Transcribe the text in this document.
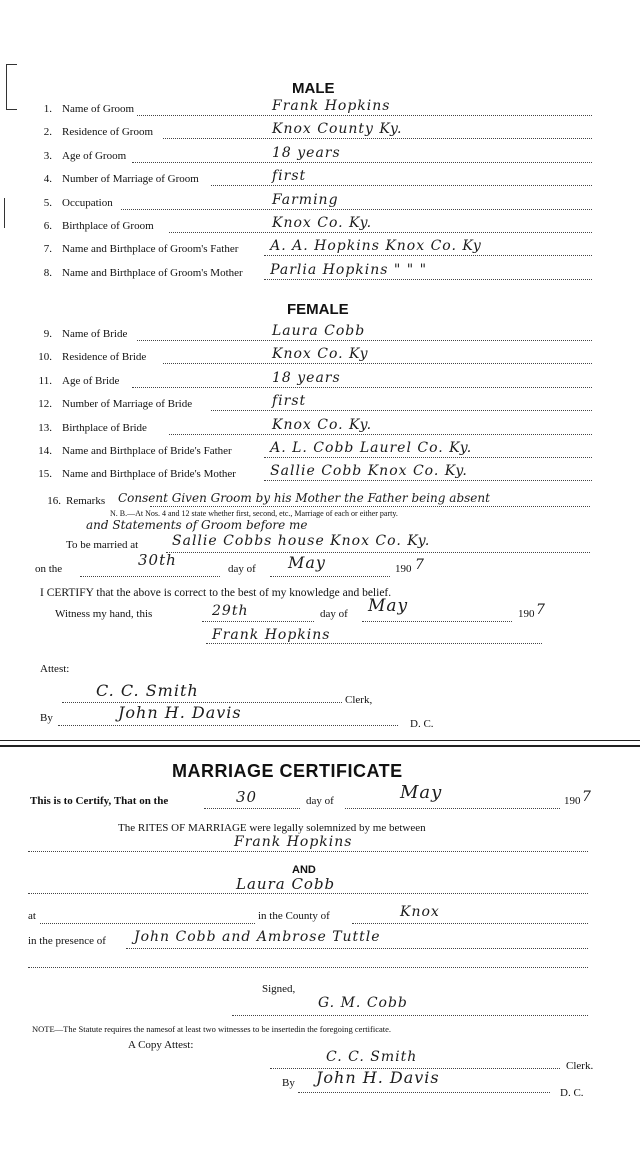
MALE
1. Name of Groom	Frank Hopkins
2. Residence of Groom	Knox County Ky.
3. Age of Groom	18 years
4. Number of Marriage of Groom	first
5. Occupation	Farming
6. Birthplace of Groom	Knox Co. Ky.
7. Name and Birthplace of Groom's Father A. A. Hopkins Knox Co. Ky
8. Name and Birthplace of Groom's Mother Parlia Hopkins " " "
FEMALE
9. Name of Bride	Laura Cobb
10. Residence of Bride	Knox Co. Ky
11. Age of Bride	18 years
12. Number of Marriage of Bride	first
13. Birthplace of Bride	Knox Co. Ky.
14. Name and Birthplace of Bride's Father	A. L. Cobb Laurel Co. Ky.
15. Name and Birthplace of Bride's Mother Sallie Cobb Knox Co. Ky.
16. Remarks Consent Given Groom by his Mother the Father being absent
N. B.—At Nos. 4 and 12 state whether first, second, etc., Marriage of each or either party.
and Statements of Groom before me
To be married at Sallie Cobbs house Knox Co. Ky.
on the	30th	day of May	190 7
I CERTIFY that the above is correct to the best of my knowledge and belief.
Witness my hand, this	29th	day of May	190 7
Frank Hopkins
Attest:
C. C. Smith	Clerk,
By	John H. Davis
D. C.
MARRIAGE CERTIFICATE
This is to Certify, That on the	30	day of	May	190 7
The RITES OF MARRIAGE were legally solemnized by me between
Frank Hopkins
AND
Laura Cobb
at	in the County of	Knox
in the presence of John Cobb and Ambrose Tuttle
Signed,
G. M. Cobb
NOTE—The Statute requires the namesof at least two witnesses to be insertedin the foregoing certificate.
A Copy Attest:
C. C. Smith
Clerk.
By John H. Davis
D. C.
